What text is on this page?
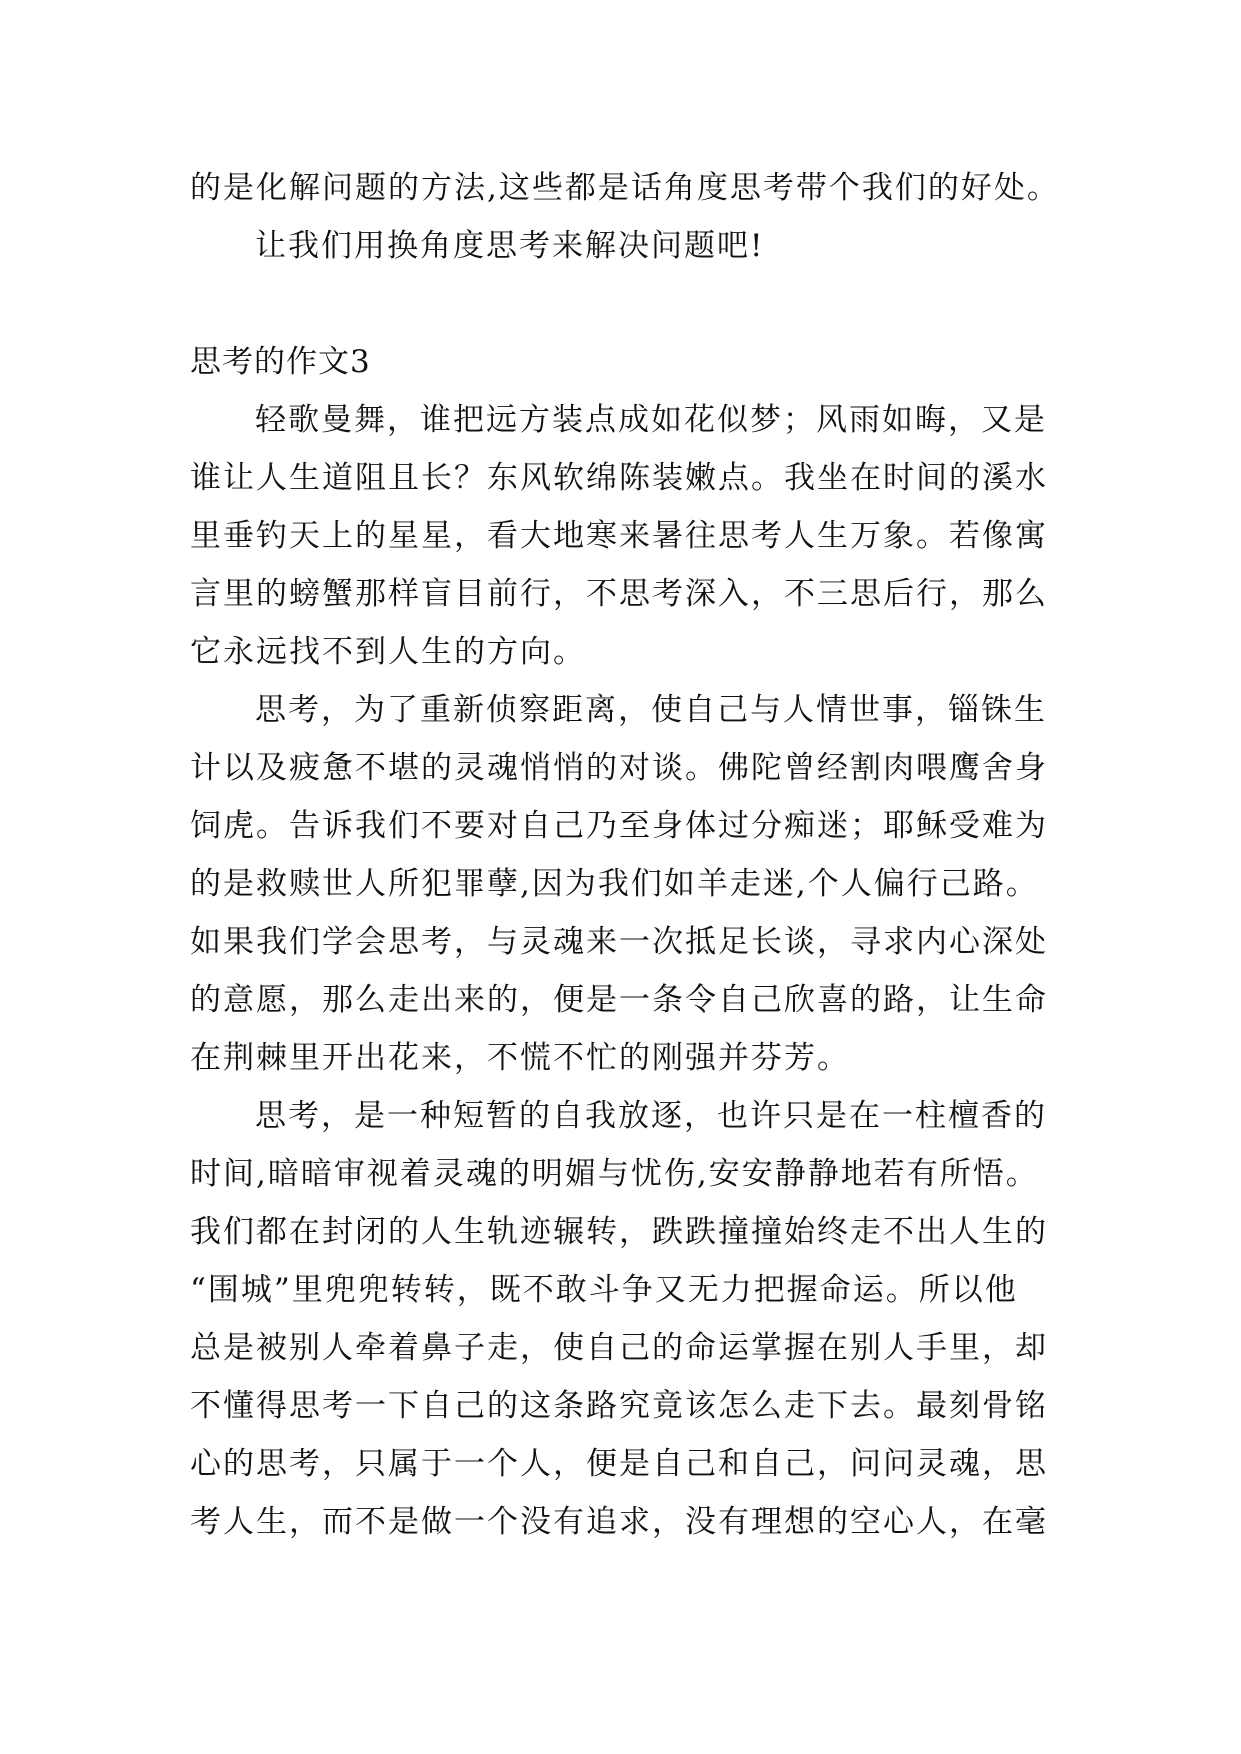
的是化解问题的方法,这些都是话角度思考带个我们的好处。

让我们用换角度思考来解决问题吧!

思考的作文3

轻歌曼舞，谁把远方装点成如花似梦；风雨如晦，又是

谁让人生道阻且长？东风软绵陈装嫩点。我坐在时间的溪水

里垂钓天上的星星，看大地寒来暑往思考人生万象。若像寓

言里的螃蟹那样盲目前行，不思考深入，不三思后行，那么

它永远找不到人生的方向。

思考，为了重新侦察距离，使自己与人情世事，锱铢生

计以及疲惫不堪的灵魂悄悄的对谈。佛陀曾经割肉喂鹰舍身

饲虎。告诉我们不要对自己乃至身体过分痴迷；耶稣受难为

的是救赎世人所犯罪孽,因为我们如羊走迷,个人偏行己路。

如果我们学会思考，与灵魂来一次抵足长谈，寻求内心深处

的意愿，那么走出来的，便是一条令自己欣喜的路，让生命

在荆棘里开出花来，不慌不忙的刚强并芬芳。

思考，是一种短暂的自我放逐，也许只是在一柱檀香的

时间,暗暗审视着灵魂的明媚与忧伤,安安静静地若有所悟。

我们都在封闭的人生轨迹辗转，跌跌撞撞始终走不出人生的

“围城”里兜兜转转，既不敢斗争又无力把握命运。所以他

总是被别人牵着鼻子走，使自己的命运掌握在别人手里，却

不懂得思考一下自己的这条路究竟该怎么走下去。最刻骨铭

心的思考，只属于一个人，便是自己和自己，问问灵魂，思

考人生，而不是做一个没有追求，没有理想的空心人，在毫
